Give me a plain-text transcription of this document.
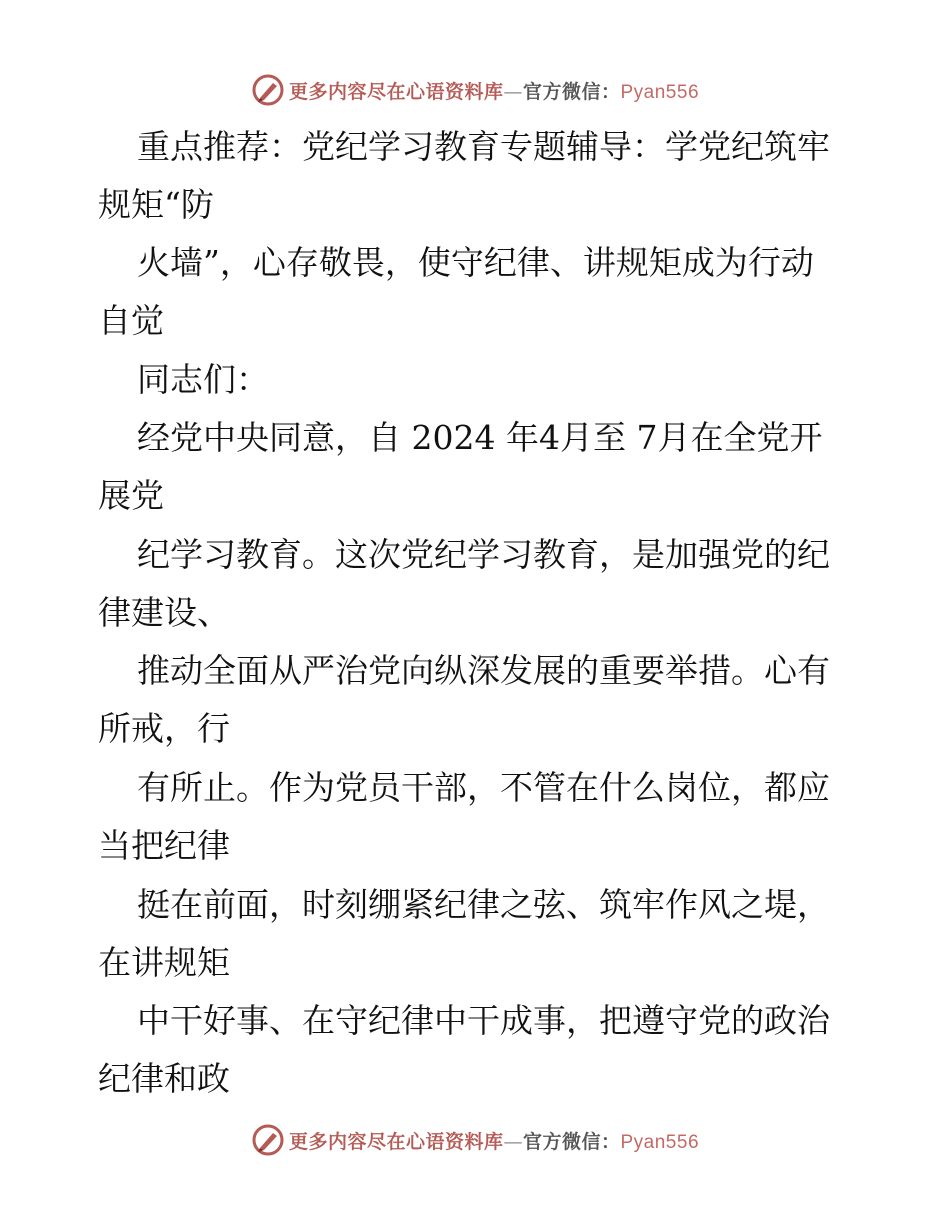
更多内容尽在心语资料库—官方微信：Pyan556
重点推荐：党纪学习教育专题辅导：学党纪筑牢
规矩“防
火墙”，心存敬畏，使守纪律、讲规矩成为行动
自觉
同志们：
经党中央同意，自 2024 年4月至 7月在全党开
展党
纪学习教育。这次党纪学习教育，是加强党的纪
律建设、
推动全面从严治党向纵深发展的重要举措。心有
所戒，行
有所止。作为党员干部，不管在什么岗位，都应
当把纪律
挺在前面，时刻绷紧纪律之弦、筑牢作风之堤，
在讲规矩
中干好事、在守纪律中干成事，把遵守党的政治
纪律和政
更多内容尽在心语资料库—官方微信：Pyan556
